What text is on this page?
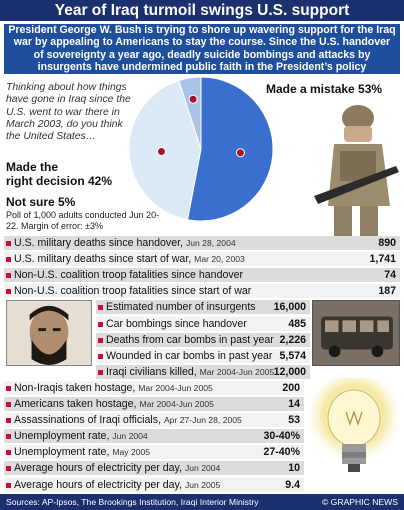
Year of Iraq turmoil swings U.S. support
President George W. Bush is trying to shore up wavering support for the Iraq war by appealing to Americans to stay the course. Since the U.S. handover of sovereignty a year ago, deadly suicide bombings and attacks by insurgents have undermined public faith in the President’s policy
Thinking about how things have gone in Iraq since the U.S. went to war there in March 2003, do you think the United States…
Made a mistake 53%
Made the
right decision 42%
Not sure 5%
Poll of 1,000 adults conducted Jun 20-22. Margin of error: ±3%
U.S. military deaths since handover, Jun 28, 2004	890
U.S. military deaths since start of war, Mar 20, 2003	1,741
Non-U.S. coalition troop fatalities since handover	74
Non-U.S. coalition troop fatalities since start of war	187
Estimated number of insurgents 16,000
Car bombings since handover	485
Deaths from car bombs in past year 2,226
Wounded in car bombs in past year 5,574
Iraqi civilians killed, Mar 2004-Jun 2005 12,000
Non-Iraqis taken hostage, Mar 2004-Jun 2005	200
Americans taken hostage, Mar 2004-Jun 2005	14
Assassinations of Iraqi officials, Apr 27-Jun 28, 2005	53
Unemployment rate, Jun 2004	30-40%
Unemployment rate, May 2005	27-40%
Average hours of electricity per day, Jun 2004	10
Average hours of electricity per day, Jun 2005	9.4
Sources: AP-Ipsos, The Brookings Institution, Iraqi Interior Ministry	© GRAPHIC NEWS
